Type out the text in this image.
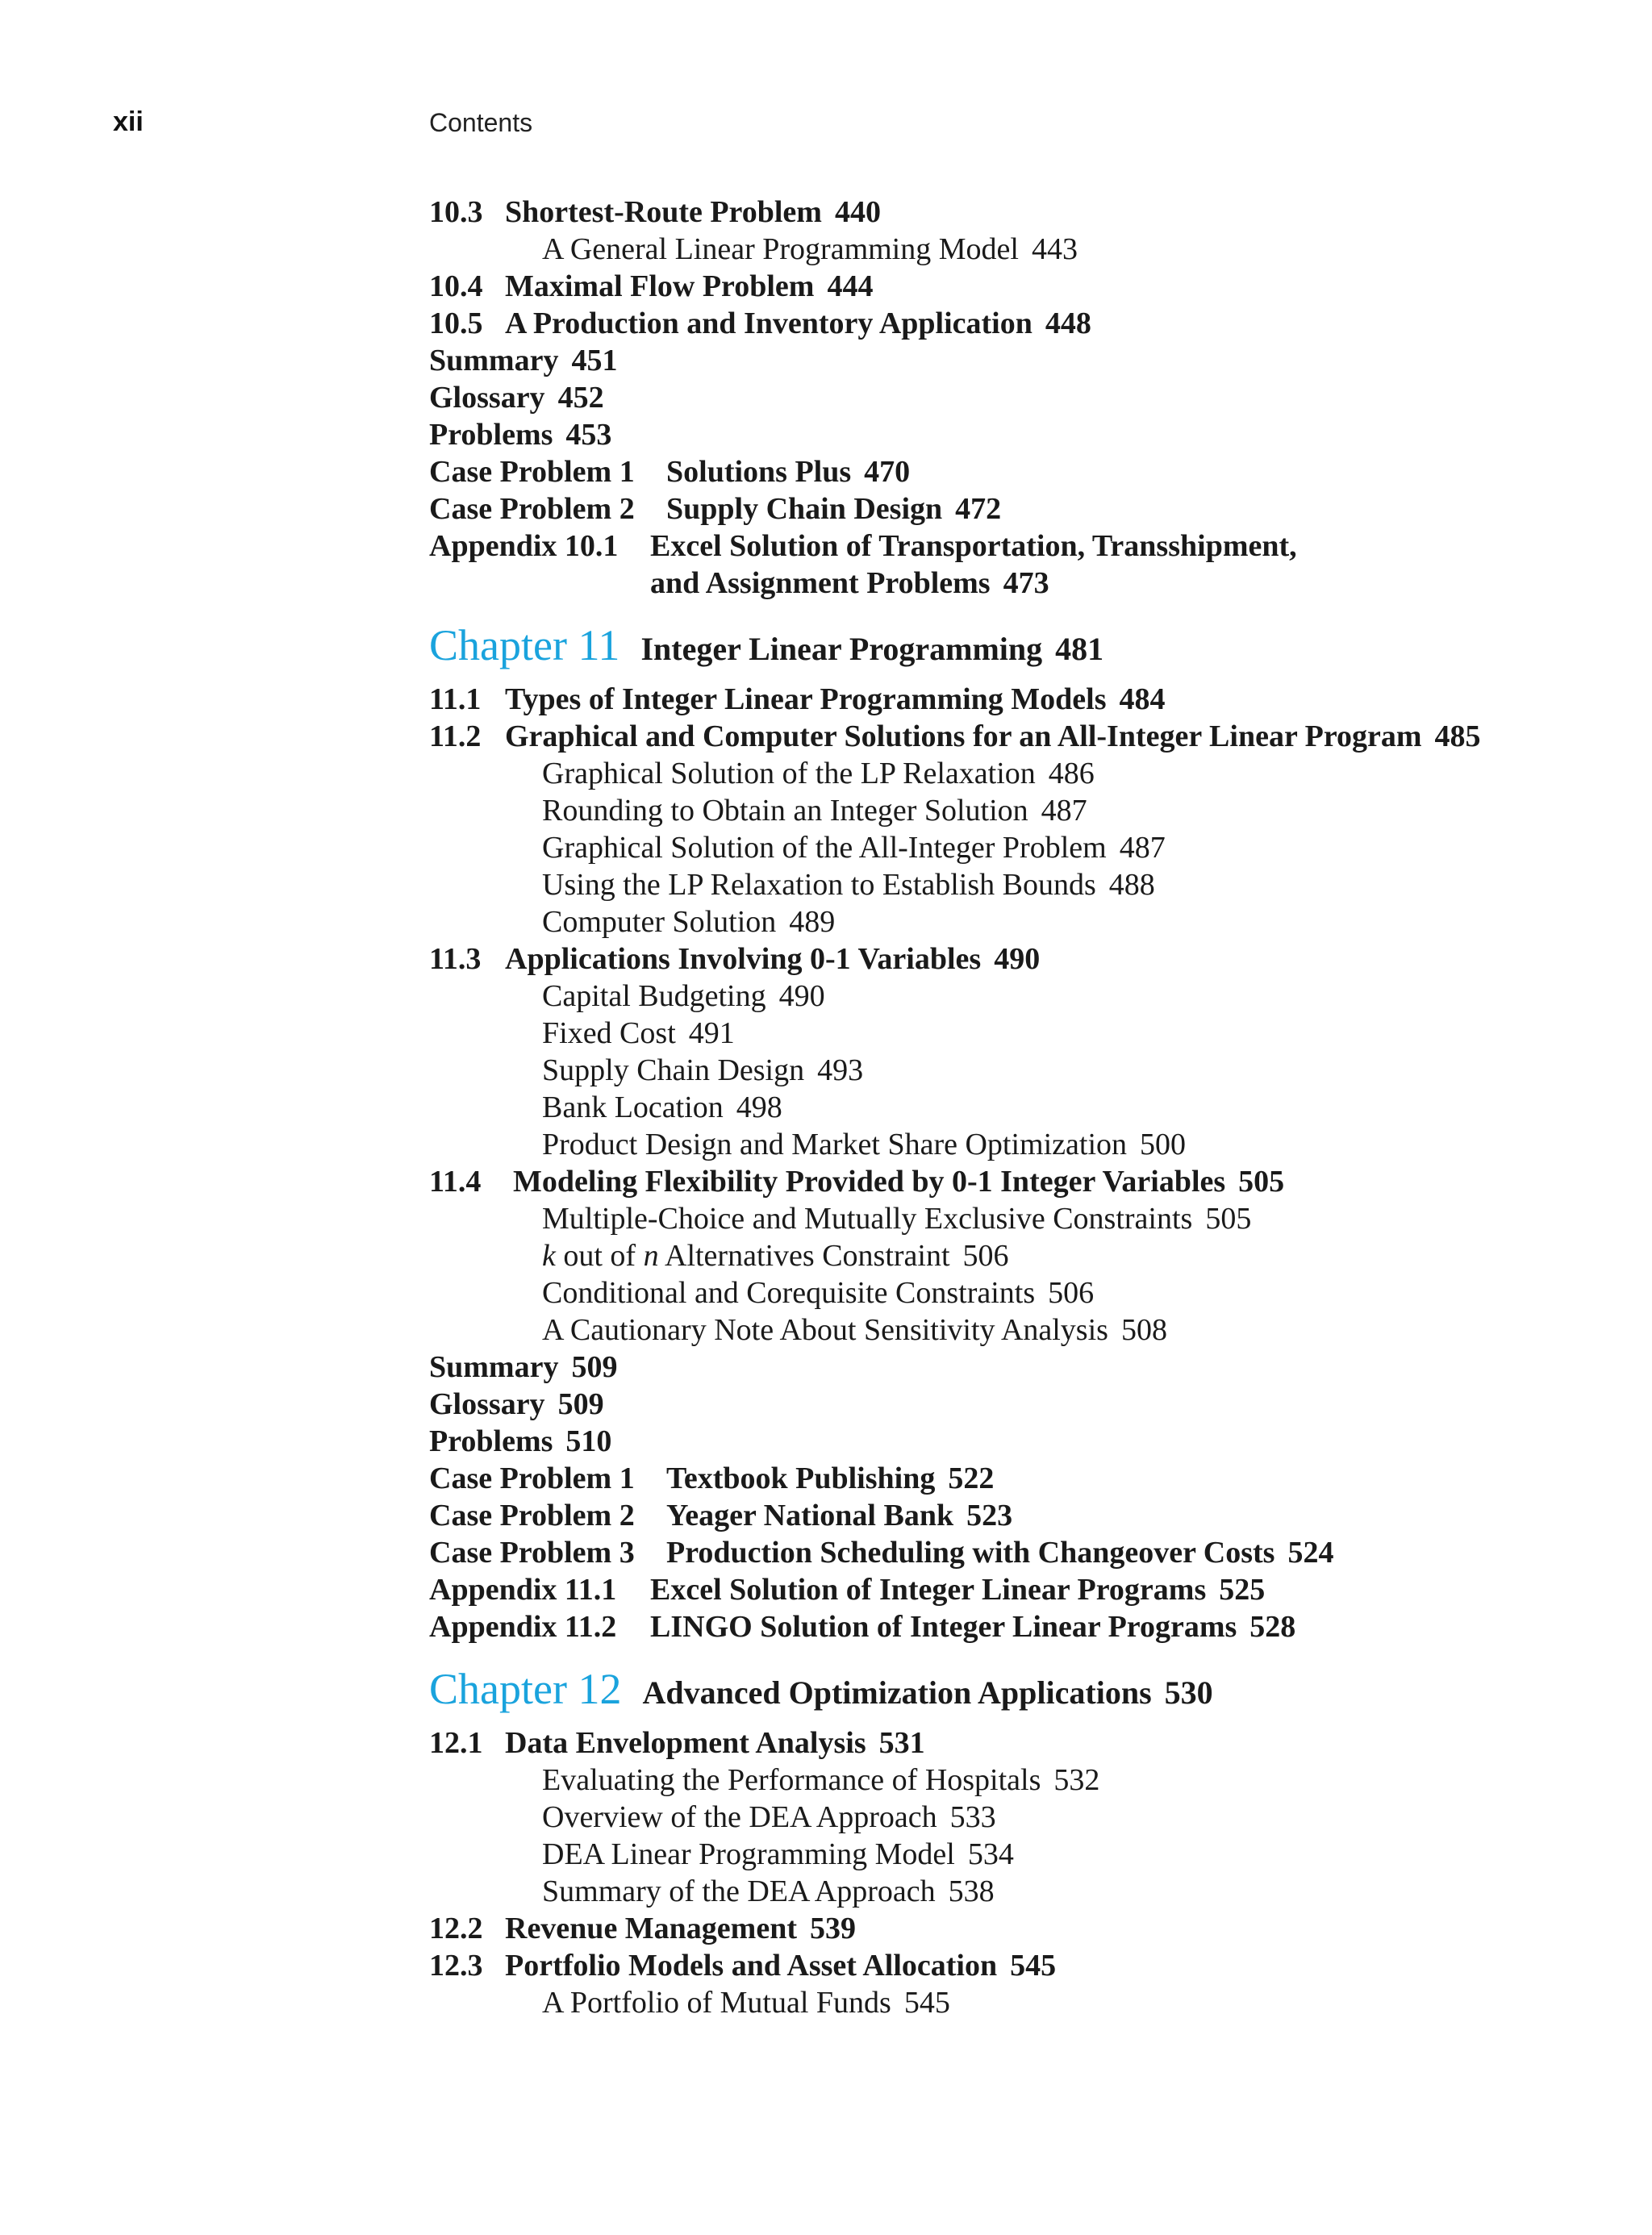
xii	Contents
10.3 Shortest-Route Problem 440
A General Linear Programming Model 443
10.4 Maximal Flow Problem 444
10.5 A Production and Inventory Application 448
Summary 451
Glossary 452
Problems 453
Case Problem 1 Solutions Plus 470
Case Problem 2 Supply Chain Design 472
Appendix 10.1 Excel Solution of Transportation, Transshipment,
and Assignment Problems 473
Chapter 11 Integer Linear Programming 481
11.1 Types of Integer Linear Programming Models 484
11.2 Graphical and Computer Solutions for an All-Integer Linear Program 485
Graphical Solution of the LP Relaxation 486
Rounding to Obtain an Integer Solution 487
Graphical Solution of the All-Integer Problem 487
Using the LP Relaxation to Establish Bounds 488
Computer Solution 489
11.3 Applications Involving 0-1 Variables 490
Capital Budgeting 490
Fixed Cost 491
Supply Chain Design 493
Bank Location 498
Product Design and Market Share Optimization 500
11.4 Modeling Flexibility Provided by 0-1 Integer Variables 505
Multiple-Choice and Mutually Exclusive Constraints 505
k out of n Alternatives Constraint 506
Conditional and Corequisite Constraints 506
A Cautionary Note About Sensitivity Analysis 508
Summary 509
Glossary 509
Problems 510
Case Problem 1 Textbook Publishing 522
Case Problem 2 Yeager National Bank 523
Case Problem 3 Production Scheduling with Changeover Costs 524
Appendix 11.1 Excel Solution of Integer Linear Programs 525
Appendix 11.2 LINGO Solution of Integer Linear Programs 528
Chapter 12 Advanced Optimization Applications 530
12.1 Data Envelopment Analysis 531
Evaluating the Performance of Hospitals 532
Overview of the DEA Approach 533
DEA Linear Programming Model 534
Summary of the DEA Approach 538
12.2 Revenue Management 539
12.3 Portfolio Models and Asset Allocation 545
A Portfolio of Mutual Funds 545
